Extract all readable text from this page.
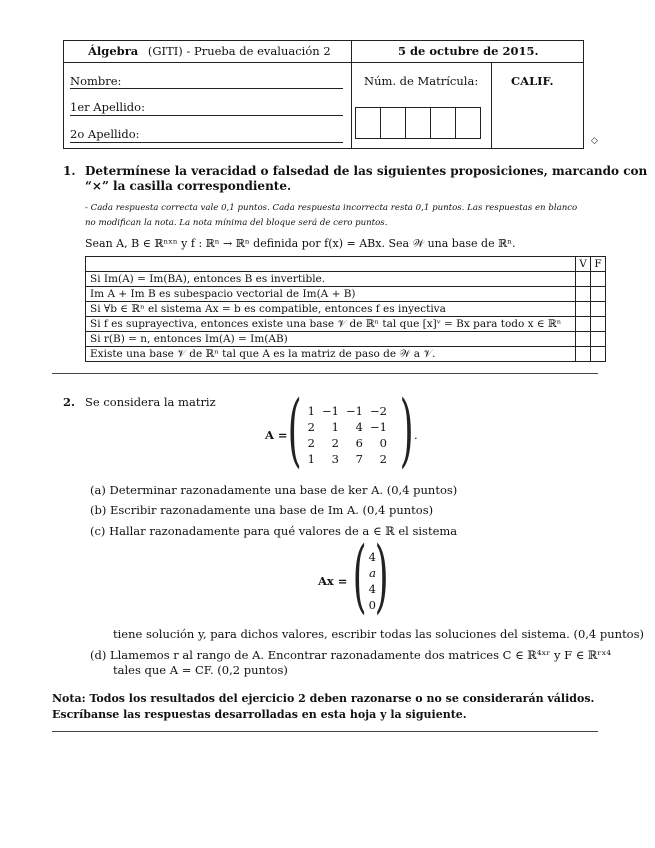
Álgebra (GITI) - Prueba de evaluación 2	5 de octubre de 2015.
Nombre:
1er Apellido:
2o Apellido:
Núm. de Matrícula:	CALIF.
◇
1. Determínese la veracidad o falsedad de las siguientes proposiciones, marcando con
“×” la casilla correspondiente.
- Cada respuesta correcta vale 0,1 puntos. Cada respuesta incorrecta resta 0,1 puntos. Las respuestas en blanco
no modifican la nota. La nota mínima del bloque será de cero puntos.
Sean A, B ∈ ℝⁿˣⁿ y f : ℝⁿ → ℝⁿ definida por f(x) = ABx. Sea 𝒲 una base de ℝⁿ.
	V	F
Si Im(A) = Im(BA), entonces B es invertible.		
Im A + Im B es subespacio vectorial de Im(A + B)		
Si ∀b ∈ ℝⁿ el sistema Ax = b es compatible, entonces f es inyectiva		
Si f es suprayectiva, entonces existe una base 𝒱 de ℝⁿ tal que [x]ᵛ = Bx para todo x ∈ ℝⁿ		
Si r(B) = n, entonces Im(A) = Im(AB)		
Existe una base 𝒱 de ℝⁿ tal que A es la matriz de paso de 𝒲 a 𝒱.		
2. Se considera la matriz
A = ( )
1 −1 −1 −2
2	1	4 −1
2	2	6	0
1	3	7	2
.
(a) Determinar razonadamente una base de ker A. (0,4 puntos)
(b) Escribir razonadamente una base de Im A. (0,4 puntos)
(c) Hallar razonadamente para qué valores de a ∈ ℝ el sistema
Ax = ( )
4
a
4
0
tiene solución y, para dichos valores, escribir todas las soluciones del sistema. (0,4 puntos)
(d) Llamemos r al rango de A. Encontrar razonadamente dos matrices C ∈ ℝ⁴ˣʳ y F ∈ ℝʳˣ⁴
tales que A = CF. (0,2 puntos)
Nota: Todos los resultados del ejercicio 2 deben razonarse o no se considerarán válidos.
Escríbanse las respuestas desarrolladas en esta hoja y la siguiente.
